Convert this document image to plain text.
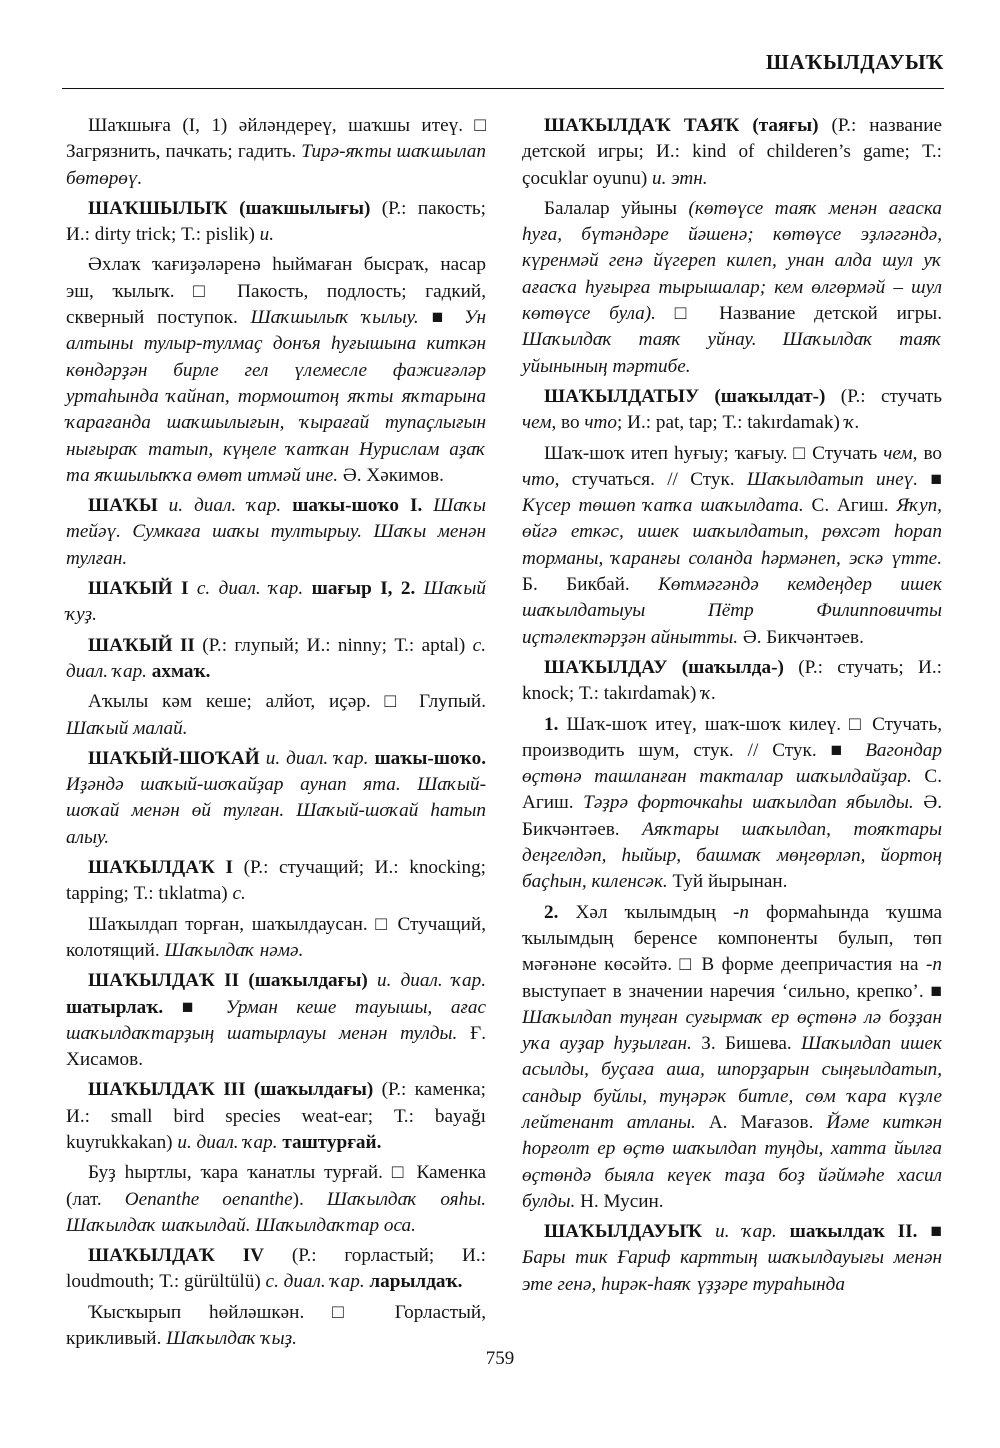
ШАҠЫЛДАУЫҠ

Шаҡшыға (I, 1) әйләндереү, шаҡшы итеү. □ Загрязнить, пачкать; гадить. Тирә-яҡты шаҡшылап бөтөрөү.

ШАҠШЫЛЫҠ (шаҡшылығы) (Р.: пакость; И.: dirty trick; Т.: pislik) и.

Әхлаҡ ҡағиҙәләренә һыймаған бысраҡ, насар эш, ҡылыҡ. □ Пакость, подлость; гадкий, скверный поступок. Шаҡшылыҡ ҡылыу. ■ Ун алтыны тулыр-тулмаҫ донъя һуғышына киткән көндәрҙән бирле гел үлемесле фажиғәләр уртаһында ҡайнап, тормоштоң яҡты яҡтарына ҡарағанда шаҡшылығын, ҡырағай тупаҫлығын нығыраҡ татып, күңеле ҡатҡан Нурислам аҙаҡ та яҡшылыҡҡа өмөт итмәй ине. Ә. Хәкимов.

ШАҠЫ и. диал. ҡар. шаҡы-шоҡо I. Шаҡы тейәү. Сумкаға шаҡы тултырыу. Шаҡы менән тулған.

ШАҠЫЙ I с. диал. ҡар. шағыр I, 2. Шаҡый ҡуҙ.

ШАҠЫЙ II (Р.: глупый; И.: ninny; Т.: aptal) с. диал. ҡар. ахмаҡ.

Аҡылы кәм кеше; алйот, иҫәр. □ Глупый. Шаҡый малай.

ШАҠЫЙ-ШОҠАЙ и. диал. ҡар. шаҡы-шоҡо. Иҙәндә шаҡый-шоҡайҙар аунап ята. Шаҡый-шоҡай менән өй тулған. Шаҡый-шоҡай һатып алыу.

ШАҠЫЛДАҠ I (Р.: стучащий; И.: knocking; tapping; Т.: tıklatma) с.

Шаҡылдап торған, шаҡылдаусан. □ Стучащий, колотящий. Шаҡылдаҡ нәмә.

ШАҠЫЛДАҠ II (шаҡылдағы) и. диал. ҡар. шатырлаҡ. ■ Урман кеше тауышы, ағас шаҡылдаҡтарҙың шатырлауы менән тулды. Ғ. Хисамов.

ШАҠЫЛДАҠ III (шаҡылдағы) (Р.: каменка; И.: small bird species weat-ear; Т.: bayağı kuyrukkakan) и. диал. ҡар. таштурғай.

Буҙ һыртлы, ҡара ҡанатлы турғай. □ Каменка (лат. Oenanthe oenanthe). Шаҡылдаҡ ояһы. Шаҡылдаҡ шаҡылдай. Шаҡылдаҡтар оса.

ШАҠЫЛДАҠ IV (Р.: горластый; И.: loudmouth; Т.: gürültülü) с. диал. ҡар. ларылдаҡ.

Ҡысҡырып һөйләшкән. □ Горластый, крикливый. Шаҡылдаҡ ҡыҙ.

ШАҠЫЛДАҠ ТАЯҠ (таяғы) (Р.: название детской игры; И.: kind of childeren’s game; Т.: çocuklar oyunu) и. этн.

Балалар уйыны (көтөүсе таяҡ менән ағаска һуға, бүтәндәре йәшенә; көтөүсе эҙләгәндә, күренмәй генә йүгереп килеп, унан алда шул уҡ ағасҡа һуғырға тырышалар; кем өлгөрмәй – шул көтөүсе була). □ Название детской игры. Шаҡылдаҡ таяҡ уйнау. Шаҡылдаҡ таяҡ уйынының тәртибе.

ШАҠЫЛДАТЫУ (шаҡылдат-) (Р.: стучать чем, во что; И.: pat, tap; Т.: takırdamak) ҡ.

Шаҡ-шоҡ итеп һуғыу; ҡағыу. □ Стучать чем, во что, стучаться. // Стук. Шаҡылдатып инеү. ■ Күсер төшөп ҡапҡа шаҡылдата. С. Агиш. Яҡуп, өйгә еткәс, ишек шаҡылдатып, рөхсәт һорап торманы, ҡаранғы соланда һәрмәнеп, эскә үтте. Б. Бикбай. Көтмәгәндә кемдеңдер ишек шаҡылдатыуы Пётр Филипповичты иҫтәлектәрҙән айнытты. Ә. Бикчәнтәев.

ШАҠЫЛДАУ (шаҡылда-) (Р.: стучать; И.: knock; Т.: takırdamak) ҡ.

1. Шаҡ-шоҡ итеү, шаҡ-шоҡ килеү. □ Стучать, производить шум, стук. // Стук. ■ Вагондар өҫтөнә ташланған такталар шаҡылдайҙар. С. Агиш. Тәҙрә форточкаһы шаҡылдап ябылды. Ә. Бикчәнтәев. Аяҡтары шаҡылдап, тояҡтары деңгелдәп, һыйыр, башмаҡ мөңгөрләп, йортоң баҫһын, киленсәк. Туй йырынан.

2. Хәл ҡылымдың -п формаһында ҡушма ҡылымдың беренсе компоненты булып, төп мәғәнәне көсәйтә. □ В форме деепричастия на -п выступает в значении наречия ‘сильно, крепко’. ■ Шаҡылдап туңған суғырмаҡ ер өҫтөнә лә боҙҙан уҡа ауҙар һуҙылған. З. Бишева. Шаҡылдап ишек асылды, буҫаға аша, шпорҙарын сыңғылдатып, сандыр буйлы, туңәрәк битле, сөм ҡара күҙле лейтенант атланы. А. Мағазов. Йәме киткән һорғолт ер өҫтө шаҡылдап туңды, хатта йылға өҫтөндә быяла кеүек таҙа боҙ йәймәһе хасил булды. Н. Мусин.

ШАҠЫЛДАУЫҠ и. ҡар. шаҡылдаҡ II. ■ Бары тик Ғариф карттың шаҡылдауығы менән эте генә, һирәк-һаяҡ үҙҙәре тураһында

759
